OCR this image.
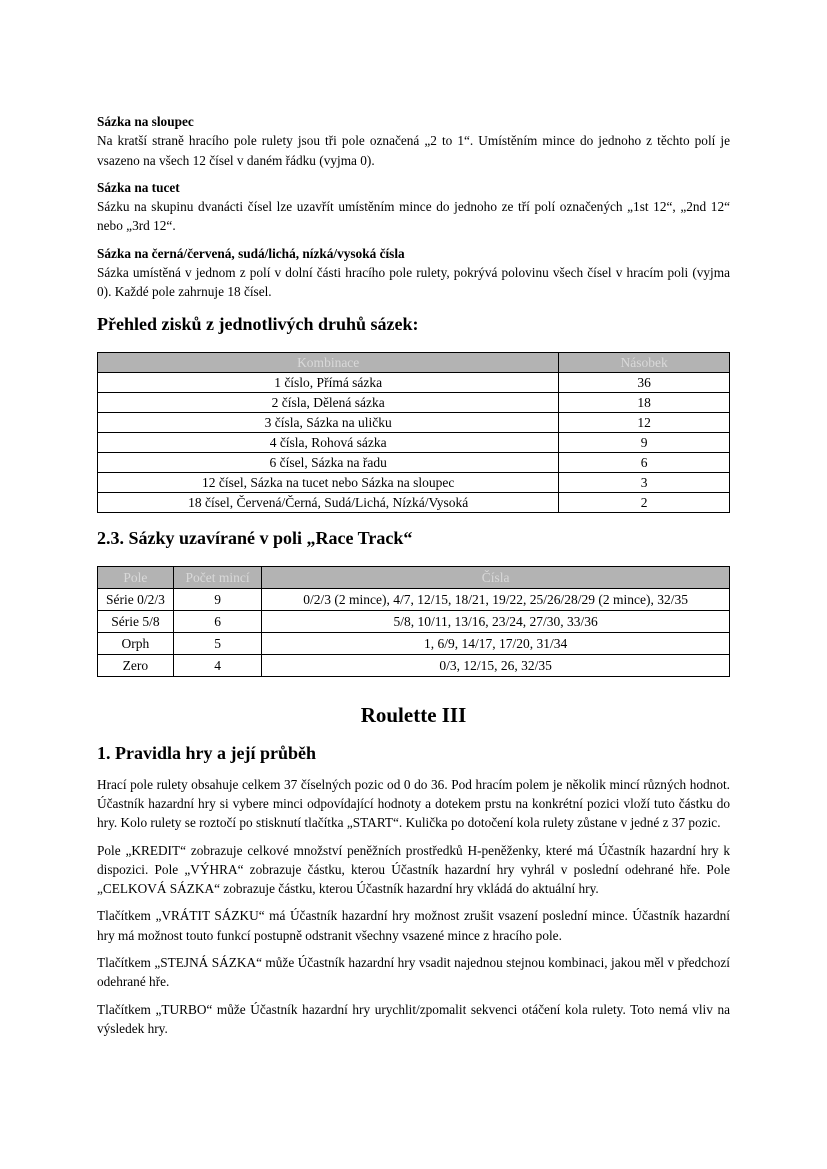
Sázka na sloupec

Na kratší straně hracího pole rulety jsou tři pole označená „2 to 1“. Umístěním mince do jednoho z těchto polí je vsazeno na všech 12 čísel v daném řádku (vyjma 0).

Sázka na tucet

Sázku na skupinu dvanácti čísel lze uzavřít umístěním mince do jednoho ze tří polí označených „1st 12“, „2nd 12“ nebo „3rd 12“.

Sázka na černá/červená, sudá/lichá, nízká/vysoká čísla

Sázka umístěná v jednom z polí v dolní části hracího pole rulety, pokrývá polovinu všech čísel v hracím poli (vyjma 0). Každé pole zahrnuje 18 čísel.

Přehled zisků z jednotlivých druhů sázek:

Kombinace	Násobek
1 číslo, Přímá sázka	36
2 čísla, Dělená sázka	18
3 čísla, Sázka na uličku	12
4 čísla, Rohová sázka	9
6 čísel, Sázka na řadu	6
12 čísel, Sázka na tucet nebo Sázka na sloupec	3
18 čísel, Červená/Černá, Sudá/Lichá, Nízká/Vysoká	2

2.3. Sázky uzavírané v poli „Race Track“

Pole	Počet mincí	Čísla
Série 0/2/3	9	0/2/3 (2 mince), 4/7, 12/15, 18/21, 19/22, 25/26/28/29 (2 mince), 32/35
Série 5/8	6	5/8, 10/11, 13/16, 23/24, 27/30, 33/36
Orph	5	1, 6/9, 14/17, 17/20, 31/34
Zero	4	0/3, 12/15, 26, 32/35

Roulette III

1. Pravidla hry a její průběh

Hrací pole rulety obsahuje celkem 37 číselných pozic od 0 do 36. Pod hracím polem je několik mincí různých hodnot. Účastník hazardní hry si vybere minci odpovídající hodnoty a dotekem prstu na konkrétní pozici vloží tuto částku do hry. Kolo rulety se roztočí po stisknutí tlačítka „START“. Kulička po dotočení kola rulety zůstane v jedné z 37 pozic.

Pole „KREDIT“ zobrazuje celkové množství peněžních prostředků H-peněženky, které má Účastník hazardní hry k dispozici. Pole „VÝHRA“ zobrazuje částku, kterou Účastník hazardní hry vyhrál v poslední odehrané hře. Pole „CELKOVÁ SÁZKA“ zobrazuje částku, kterou Účastník hazardní hry vkládá do aktuální hry.

Tlačítkem „VRÁTIT SÁZKU“ má Účastník hazardní hry možnost zrušit vsazení poslední mince. Účastník hazardní hry má možnost touto funkcí postupně odstranit všechny vsazené mince z hracího pole.

Tlačítkem „STEJNÁ SÁZKA“ může Účastník hazardní hry vsadit najednou stejnou kombinaci, jakou měl v předchozí odehrané hře.

Tlačítkem „TURBO“ může Účastník hazardní hry urychlit/zpomalit sekvenci otáčení kola rulety. Toto nemá vliv na výsledek hry.
